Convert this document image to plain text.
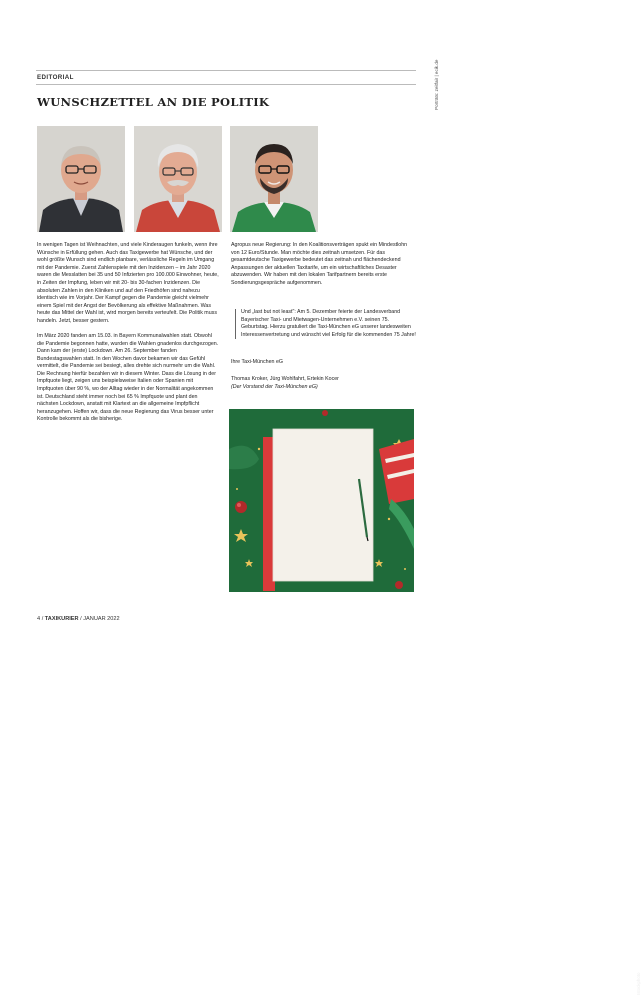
Porträts: zeitfair | ecik.de
EDITORIAL
WUNSCHZETTEL AN DIE POLITIK

In wenigen Tagen ist Weihnachten, und viele Kinderaugen funkeln, wenn ihre Wünsche in Erfüllung gehen. Auch das Taxigewerbe hat Wünsche, und der wohl größte Wunsch sind endlich planbare, verlässliche Regeln im Umgang mit der Pandemie. Zuerst Zahlenspiele mit den Inzidenzen – im Jahr 2020 waren die Messlatten bei 35 und 50 Infizierten pro 100.000 Einwohner, heute, in Zeiten der Impfung, leben wir mit 20- bis 30-fachen Inzidenzen. Die absoluten Zahlen in den Kliniken und auf den Friedhöfen sind nahezu identisch wie im Vorjahr. Der Kampf gegen die Pandemie gleicht vielmehr einem Spiel mit der Angst der Bevölkerung als effektive Maßnahmen. Was heute das Mittel der Wahl ist, wird morgen bereits verteufelt. Die Politik muss handeln. Jetzt, besser gestern.

Im März 2020 fanden am 15.03. in Bayern Kommunalwahlen statt. Obwohl die Pandemie begonnen hatte, wurden die Wahlen gnadenlos durchgezogen. Dann kam der (erste) Lockdown. Am 26. September fanden Bundestagswahlen statt. In den Wochen davor bekamen wir das Gefühl vermittelt, die Pandemie sei besiegt, alles drehte sich nurmehr um die Wahl. Die Rechnung hierfür bezahlen wir in diesem Winter. Dass die Lösung in der Impfquote liegt, zeigen uns beispielsweise Italien oder Spanien mit Impfquoten über 90 %, wo der Alltag wieder in der Normalität angekommen ist. Deutschland steht immer noch bei 65 % Impfquote und plant den nächsten Lockdown, anstatt mit Klartext an die allgemeine Impfpflicht heranzugehen. Hoffen wir, dass die neue Regierung das Virus besser unter Kontrolle bekommt als die bisherige.

Agropus neue Regierung: In den Koalitionsverträgen spukt ein Mindestlohn von 12 Euro/Stunde. Man möchte dies zeitnah umsetzen. Für das gesamtdeutsche Taxigewerbe bedeutet das zeitnah und flächendeckend Anpassungen der aktuellen Taxitarife, um ein wirtschaftliches Desaster abzuwenden. Wir haben mit den lokalen Tarifpartnern bereits erste Sondierungsgespräche aufgenommen.

Und „last but not least": Am 5. Dezember feierte der Landesverband Bayerischer Taxi- und Mietwagen-Unternehmen e.V. seinen 75. Geburtstag. Hierzu gratuliert die Taxi-München eG unserer landesweiten Interessenvertretung und wünscht viel Erfolg für die kommenden 75 Jahre!
Ihre Taxi-München eG
Thomas Kroker, Jürg Wohlfahrt, Ertekin Kocer
(Der Vorstand der Taxi-München eG)
Istockphoto
4 / TAXIKURIER / JANUAR 2022
